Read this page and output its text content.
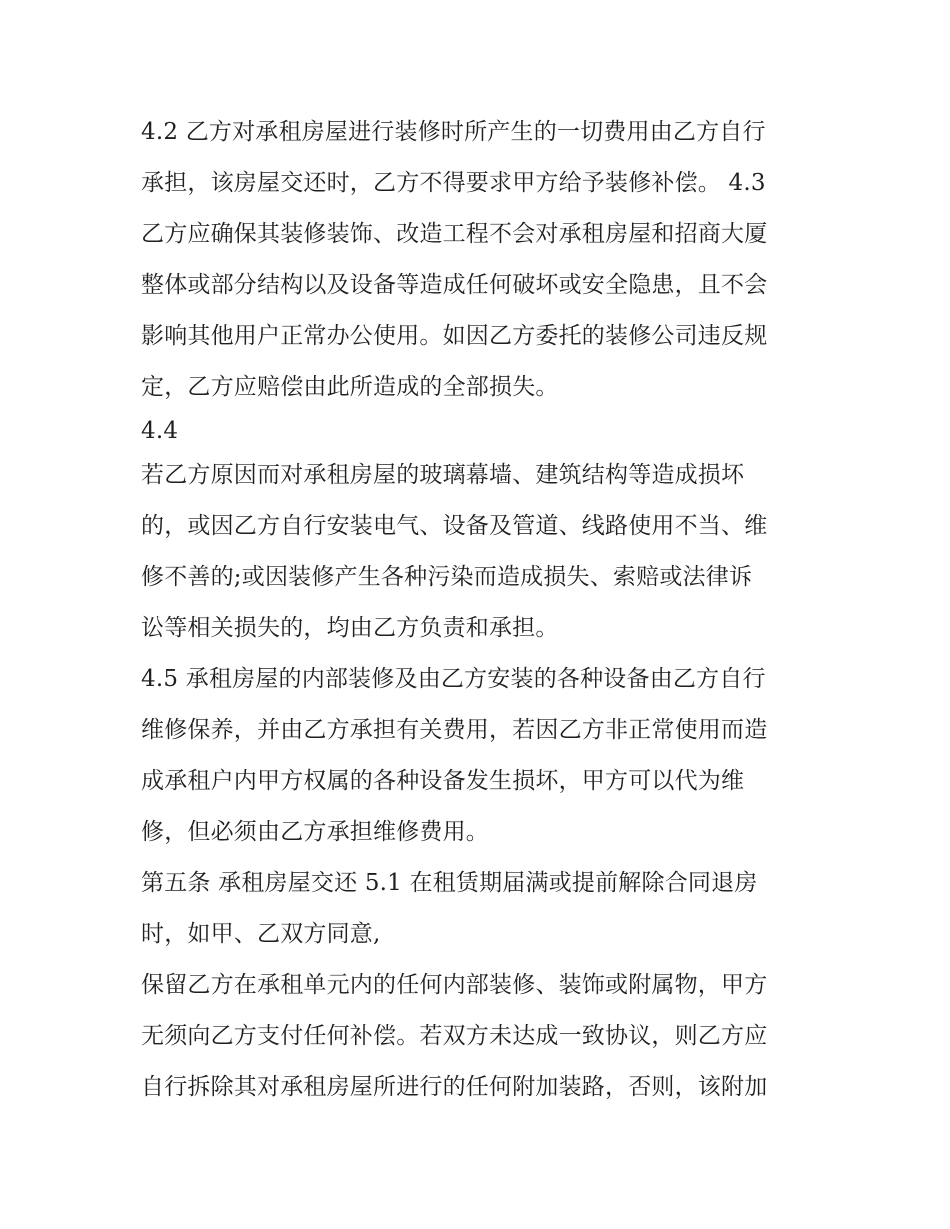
4.2 乙方对承租房屋进行装修时所产生的一切费用由乙方自行
承担，该房屋交还时，乙方不得要求甲方给予装修补偿。 4.3
乙方应确保其装修装饰、改造工程不会对承租房屋和招商大厦
整体或部分结构以及设备等造成任何破坏或安全隐患，且不会
影响其他用户正常办公使用。如因乙方委托的装修公司违反规
定，乙方应赔偿由此所造成的全部损失。
4.4
若乙方原因而对承租房屋的玻璃幕墙、建筑结构等造成损坏
的，或因乙方自行安装电气、设备及管道、线路使用不当、维
修不善的;或因装修产生各种污染而造成损失、索赔或法律诉
讼等相关损失的，均由乙方负责和承担。
4.5 承租房屋的内部装修及由乙方安装的各种设备由乙方自行
维修保养，并由乙方承担有关费用，若因乙方非正常使用而造
成承租户内甲方权属的各种设备发生损坏，甲方可以代为维
修，但必须由乙方承担维修费用。
第五条 承租房屋交还 5.1 在租赁期届满或提前解除合同退房
时，如甲、乙双方同意,
保留乙方在承租单元内的任何内部装修、装饰或附属物，甲方
无须向乙方支付任何补偿。若双方未达成一致协议，则乙方应
自行拆除其对承租房屋所进行的任何附加装路，否则，该附加
